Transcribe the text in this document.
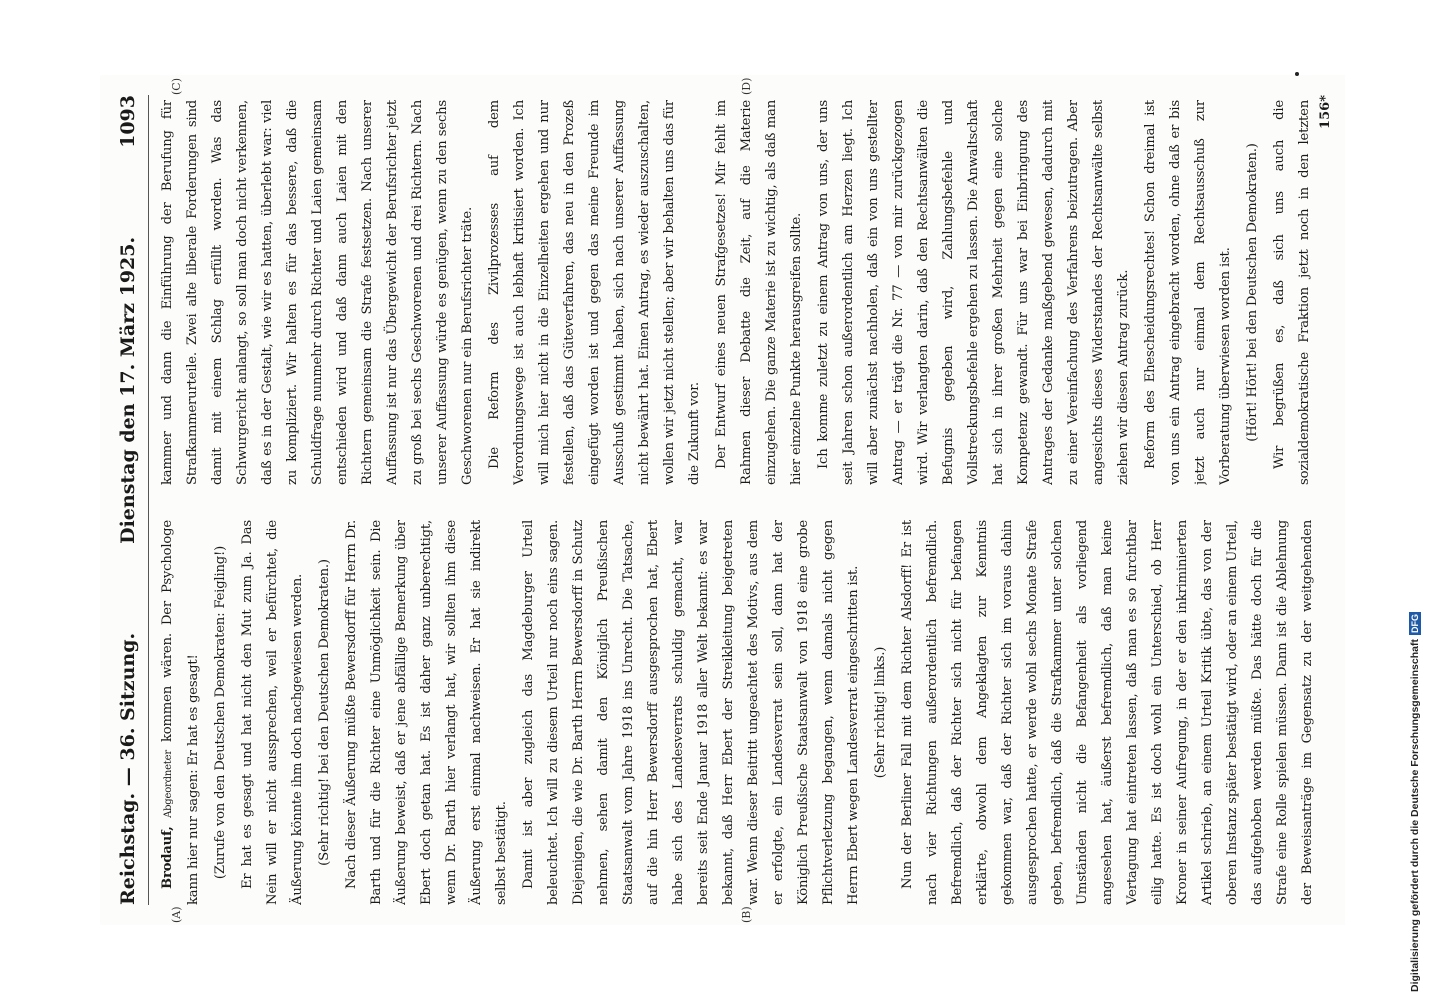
Reichstag. — 36. Sitzung.
Dienstag den 17. März 1925.
1093
(A)	(B)
(C)	(D)

Brodauf, Abgeordneter kommen wären. Der Psychologe kann hier nur sagen: Er hat es gesagt! (Zurufe von den Deutschen Demokraten: Feigling!) Er hat es gesagt und hat nicht den Mut zum Ja. Das Nein will er nicht aussprechen, weil er befürchtet, die Äußerung könnte ihm doch nachgewiesen werden. (Sehr richtig! bei den Deutschen Demokraten.) Nach dieser Äußerung müßte Bewersdorff für Herrn Dr. Barth und für die Richter eine Unmöglichkeit sein. Die Äußerung beweist, daß er jene abfällige Bemerkung über Ebert doch getan hat. Es ist daher ganz unberechtigt, wenn Dr. Barth hier verlangt hat, wir sollten ihm diese Äußerung erst einmal nachweisen. Er hat sie indirekt selbst bestätigt. Damit ist aber zugleich das Magdeburger Urteil beleuchtet. Ich will zu diesem Urteil nur noch eins sagen. Diejenigen, die wie Dr. Barth Herrn Bewersdorff in Schutz nehmen, sehen damit den Königlich Preußischen Staatsanwalt vom Jahre 1918 ins Unrecht. Die Tatsache, auf die hin Herr Bewersdorff ausgesprochen hat, Ebert habe sich des Landesverrats schuldig gemacht, war bereits seit Ende Januar 1918 aller Welt bekannt: es war bekannt, daß Herr Ebert der Streikleitung beigetreten war. Wenn dieser Beitritt ungeachtet des Motivs, aus dem er erfolgte, ein Landesverrat sein soll, dann hat der Königlich Preußische Staatsanwalt von 1918 eine grobe Pflichtverletzung begangen, wenn damals nicht gegen Herrn Ebert wegen Landesverrat eingeschritten ist. (Sehr richtig! links.)

Nun der Berliner Fall mit dem Richter Alsdorff! Er ist nach vier Richtungen außerordentlich befremdlich. Befremdlich, daß der Richter sich nicht für befangen erklärte, obwohl dem Angeklagten zur Kenntnis gekommen war, daß der Richter sich im voraus dahin ausgesprochen hatte, er werde wohl sechs Monate Strafe geben, befremdlich, daß die Strafkammer unter solchen Umständen nicht die Befangenheit als vorliegend angesehen hat, äußerst befremdlich, daß man keine Vertagung hat eintreten lassen, daß man es so furchtbar eilig hatte. Es ist doch wohl ein Unterschied, ob Herr Kroner in seiner Aufregung, in der er den inkriminierten Artikel schrieb, an einem Urteil Kritik übte, das von der oberen Instanz später bestätigt wird, oder an einem Urteil, das aufgehoben werden müßte. Das hätte doch für die Strafe eine Rolle spielen müssen. Dann ist die Ablehnung der Beweisanträge im Gegensatz zu der weitgehenden

kammer und dann die Einführung der Berufung für Strafkammerurteile. Zwei alte liberale Forderungen sind damit mit einem Schlag erfüllt worden. Was das Schwurgericht anlangt, so soll man doch nicht verkennen, daß es in der Gestalt, wie wir es hatten, überlebt war: viel zu kompliziert. Wir halten es für das bessere, daß die Schuldfrage nunmehr durch Richter und Laien gemeinsam entschieden wird und daß dann auch Laien mit den Richtern gemeinsam die Strafe festsetzen. Nach unserer Auffassung ist nur das Übergewicht der Berufsrichter jetzt zu groß bei sechs Geschworenen und drei Richtern. Nach unserer Auffassung würde es genügen, wenn zu den sechs Geschworenen nur ein Berufsrichter träte. Die Reform des Zivilprozesses auf dem Verordnungswege ist auch lebhaft kritisiert worden. Ich will mich hier nicht in die Einzelheiten ergehen und nur festellen, daß das Güteverfahren, das neu in den Prozeß eingefügt worden ist und gegen das meine Freunde im Ausschuß gestimmt haben, sich nach unserer Auffassung nicht bewährt hat. Einen Antrag, es wieder auszuschalten, wollen wir jetzt nicht stellen; aber wir behalten uns das für die Zukunft vor. Der Entwurf eines neuen Strafgesetzes! Mir fehlt im Rahmen dieser Debatte die Zeit, auf die Materie einzugehen. Die ganze Materie ist zu wichtig, als daß man hier einzelne Punkte herausgreifen sollte. Ich komme zuletzt zu einem Antrag von uns, der uns seit Jahren schon außerordentlich am Herzen liegt. Ich will aber zunächst nachholen, daß ein von uns gestellter Antrag — er trägt die Nr. 77 — von mir zurückgezogen wird. Wir verlangten darin, daß den Rechtsanwälten die Befugnis gegeben wird, Zahlungsbefehle und Vollstreckungsbefehle ergehen zu lassen. Die Anwaltschaft hat sich in ihrer großen Mehrheit gegen eine solche Kompetenz gewandt. Für uns war bei Einbringung des Antrages der Gedanke maßgebend gewesen, dadurch mit zu einer Vereinfachung des Verfahrens beizutragen. Aber angesichts dieses Widerstandes der Rechtsanwälte selbst ziehen wir diesen Antrag zurück. Reform des Ehescheidungsrechtes! Schon dreimal ist von uns ein Antrag eingebracht worden, ohne daß er bis jetzt auch nur einmal dem Rechtsausschuß zur Vorberatung überwiesen worden ist. (Hört! Hört! bei den Deutschen Demokraten.)

Wir begrüßen es, daß sich uns auch die sozialdemokratische Fraktion jetzt noch in den letzten 156*
Digitalisierung gefördert durch die Deutsche Forschungsgemeinschaft
DFG
